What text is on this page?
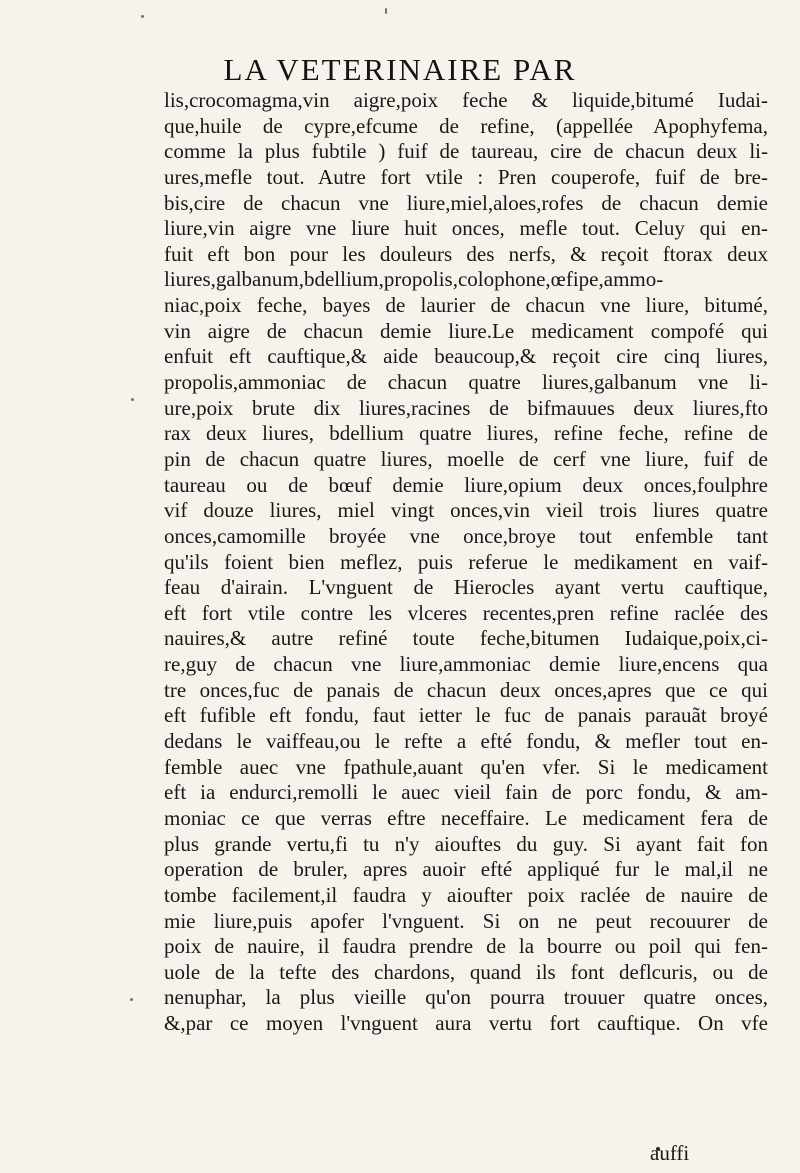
LA VETERINAIRE PAR
lis,crocomagma,vin aigre,poix feche & liquide,bitumé Iudai-
que,huile de cypre,efcume de refine, (appellée Apophyfema,
comme la plus fubtile ) fuif de taureau, cire de chacun deux li-
ures,mefle tout. Autre fort vtile : Pren couperofe, fuif de bre-
bis,cire de chacun vne liure,miel,aloes,rofes de chacun demie
liure,vin aigre vne liure huit onces, mefle tout. Celuy qui en-
fuit eft bon pour les douleurs des nerfs, & reçoit ftorax deux
liures,galbanum,bdellium,propolis,colophone,œfipe,ammo-
niac,poix feche, bayes de laurier de chacun vne liure, bitumé,
vin aigre de chacun demie liure.Le medicament compofé qui
enfuit eft cauftique,& aide beaucoup,& reçoit cire cinq liures,
propolis,ammoniac de chacun quatre liures,galbanum vne li-
ure,poix brute dix liures,racines de bifmauues deux liures,fto
rax deux liures, bdellium quatre liures, refine feche, refine de
pin de chacun quatre liures, moelle de cerf vne liure, fuif de
taureau ou de bœuf demie liure,opium deux onces,foulphre
vif douze liures, miel vingt onces,vin vieil trois liures quatre
onces,camomille broyée vne once,broye tout enfemble tant
qu'ils foient bien meflez, puis referue le medikament en vaif-
feau d'airain. L'vnguent de Hierocles ayant vertu cauftique,
eft fort vtile contre les vlceres recentes,pren refine raclée des
nauires,& autre refiné toute feche,bitumen Iudaique,poix,ci-
re,guy de chacun vne liure,ammoniac demie liure,encens qua
tre onces,fuc de panais de chacun deux onces,apres que ce qui
eft fufible eft fondu, faut ietter le fuc de panais parauãt broyé
dedans le vaiffeau,ou le refte a efté fondu, & mefler tout en-
femble auec vne fpathule,auant qu'en vfer. Si le medicament
eft ia endurci,remolli le auec vieil fain de porc fondu, & am-
moniac ce que verras eftre neceffaire. Le medicament fera de
plus grande vertu,fi tu n'y aiouftes du guy. Si ayant fait fon
operation de bruler, apres auoir efté appliqué fur le mal,il ne
tombe facilement,il faudra y aioufter poix raclée de nauire de
mie liure,puis apofer l'vnguent. Si on ne peut recouurer de
poix de nauire, il faudra prendre de la bourre ou poil qui fen-
uole de la tefte des chardons, quand ils font deflcuris, ou de
nenuphar, la plus vieille qu'on pourra trouuer quatre onces,
&,par ce moyen l'vnguent aura vertu fort cauftique. On vfe
auffi
